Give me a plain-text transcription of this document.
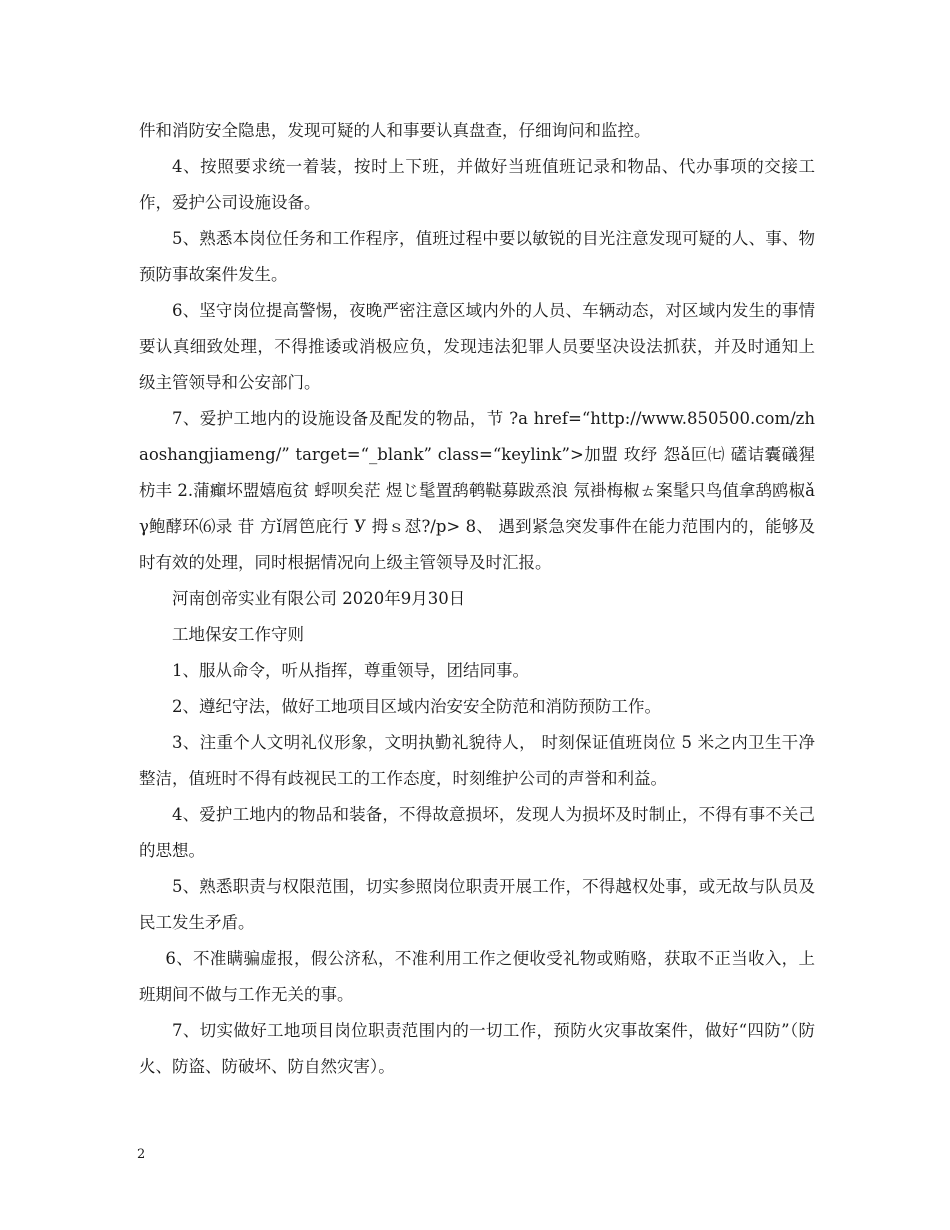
件和消防安全隐患，发现可疑的人和事要认真盘查，仔细询问和监控。

4、按照要求统一着装，按时上下班，并做好当班值班记录和物品、代办事项的交接工作，爱护公司设施设备。

5、熟悉本岗位任务和工作程序，值班过程中要以敏锐的目光注意发现可疑的人、事、物预防事故案件发生。

6、坚守岗位提高警惕，夜晚严密注意区域内外的人员、车辆动态，对区域内发生的事情要认真细致处理，不得推诿或消极应负，发现违法犯罪人员要坚决设法抓获，并及时通知上级主管领导和公安部门。

7、爱护工地内的设施设备及配发的物品，节 ?a href=“http://www.850500.com/zhaoshangjiameng/” target=“_blank” class=“keylink”>加盟 玫纾 怨ǎ叵㈦ 礚诘囊礒猩枋丰 2.蒲癲坏盟嬉庖贫 蜉呗矣茫 煜じ髦置鸹鹌鞑募跋烝浪 氖褂梅椒ㄊ案髦只鸟值拿鸹鸥椒ǎγ鲍酵环⑹录 苷 方ǐ屑笆庇行 У 拇ｓ怼?/p> 8、 遇到紧急突发事件在能力范围内的，能够及时有效的处理，同时根据情况向上级主管领导及时汇报。

河南创帝实业有限公司 2020年9月30日

工地保安工作守则

1、服从命令，听从指挥，尊重领导，团结同事。

2、遵纪守法，做好工地项目区域内治安安全防范和消防预防工作。

3、注重个人文明礼仪形象，文明执勤礼貌待人， 时刻保证值班岗位 5 米之内卫生干净整洁，值班时不得有歧视民工的工作态度，时刻维护公司的声誉和利益。

4、爱护工地内的物品和装备，不得故意损坏，发现人为损坏及时制止，不得有事不关己的思想。

5、熟悉职责与权限范围，切实参照岗位职责开展工作，不得越权处事，或无故与队员及民工发生矛盾。

6、不准瞒骗虚报，假公济私，不准利用工作之便收受礼物或贿赂，获取不正当收入，上班期间不做与工作无关的事。

7、切实做好工地项目岗位职责范围内的一切工作，预防火灾事故案件，做好“四防”（防火、防盗、防破坏、防自然灾害）。

2
